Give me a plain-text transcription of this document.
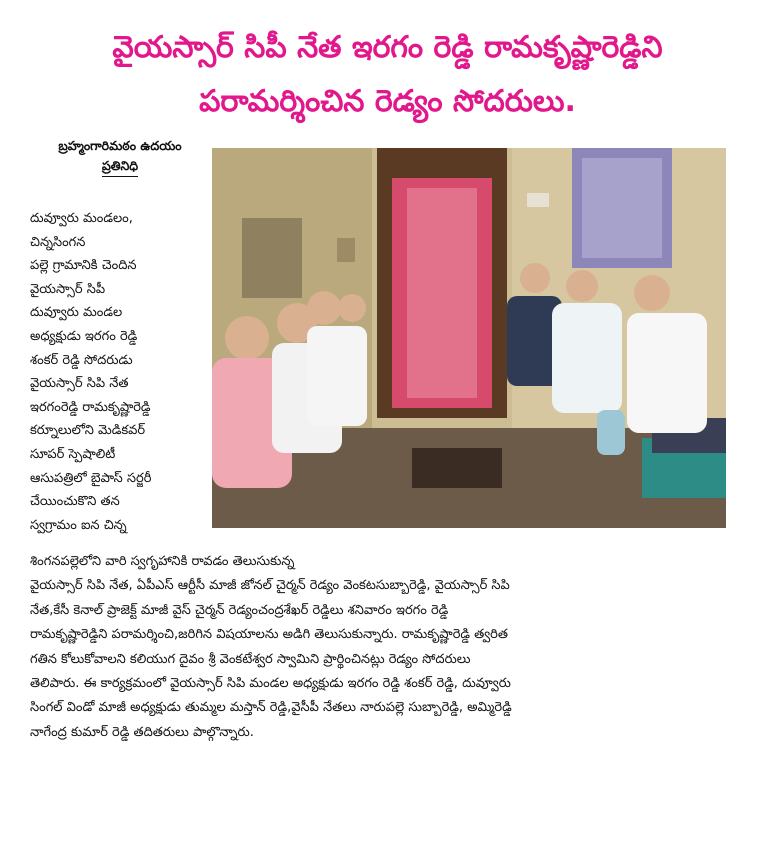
వైయస్సార్ సిపీ నేత ఇరగం రెడ్డి రామకృష్ణారెడ్డిని
పరామర్శించిన రెడ్యం సోదరులు.
బ్రహ్మంగారిమఠం ఉదయం
ప్రతినిధి
దువ్వూరు మండలం,
చిన్నసింగన
పల్లె గ్రామానికి చెందిన
వైయస్సార్ సిపీ
దువ్వూరు మండల
అధ్యక్షుడు ఇరగం రెడ్డి
శంకర్ రెడ్డి సోదరుడు
వైయస్సార్ సిపి నేత
ఇరగంరెడ్డి రామకృష్ణారెడ్డి
కర్నూలులోని మెడికవర్
సూపర్ స్పెషాలిటీ
ఆసుపత్రిలో బైపాస్ సర్జరీ
చేయించుకొని తన
స్వగ్రామం ఐన చిన్న
శింగనపల్లెలోని వారి స్వగృహానికి రావడం తెలుసుకున్న
వైయస్సార్ సిపి నేత, ఏపీఎస్ ఆర్టీసీ మాజీ జోనల్ చైర్మన్ రెడ్యం వెంకటసుబ్బారెడ్డి, వైయస్సార్ సిపి
నేత,కేసీ కెనాల్ ప్రాజెక్ట్ మాజీ వైస్ చైర్మన్ రెడ్యంచంద్రశేఖర్ రెడ్డిలు శనివారం ఇరగం రెడ్డి
రామకృష్ణారెడ్డిని పరామర్శించి,జరిగిన విషయాలను అడిగి తెలుసుకున్నారు. రామకృష్ణారెడ్డి త్వరిత
గతిన కోలుకోవాలని కలియుగ దైవం శ్రీ వెంకటేశ్వర స్వామిని ప్రార్థించినట్లు రెడ్యం సోదరులు
తెలిపారు. ఈ కార్యక్రమంలో వైయస్సార్ సిపి మండల అధ్యక్షుడు ఇరగం రెడ్డి శంకర్ రెడ్డి, దువ్వూరు
సింగల్ విండో మాజీ అధ్యక్షుడు తుమ్మల మస్తాన్ రెడ్డి,వైసీపీ నేతలు నారుపల్లె సుబ్బారెడ్డి, అమ్మిరెడ్డి
నాగేంద్ర కుమార్ రెడ్డి తదితరులు పాల్గొన్నారు.
